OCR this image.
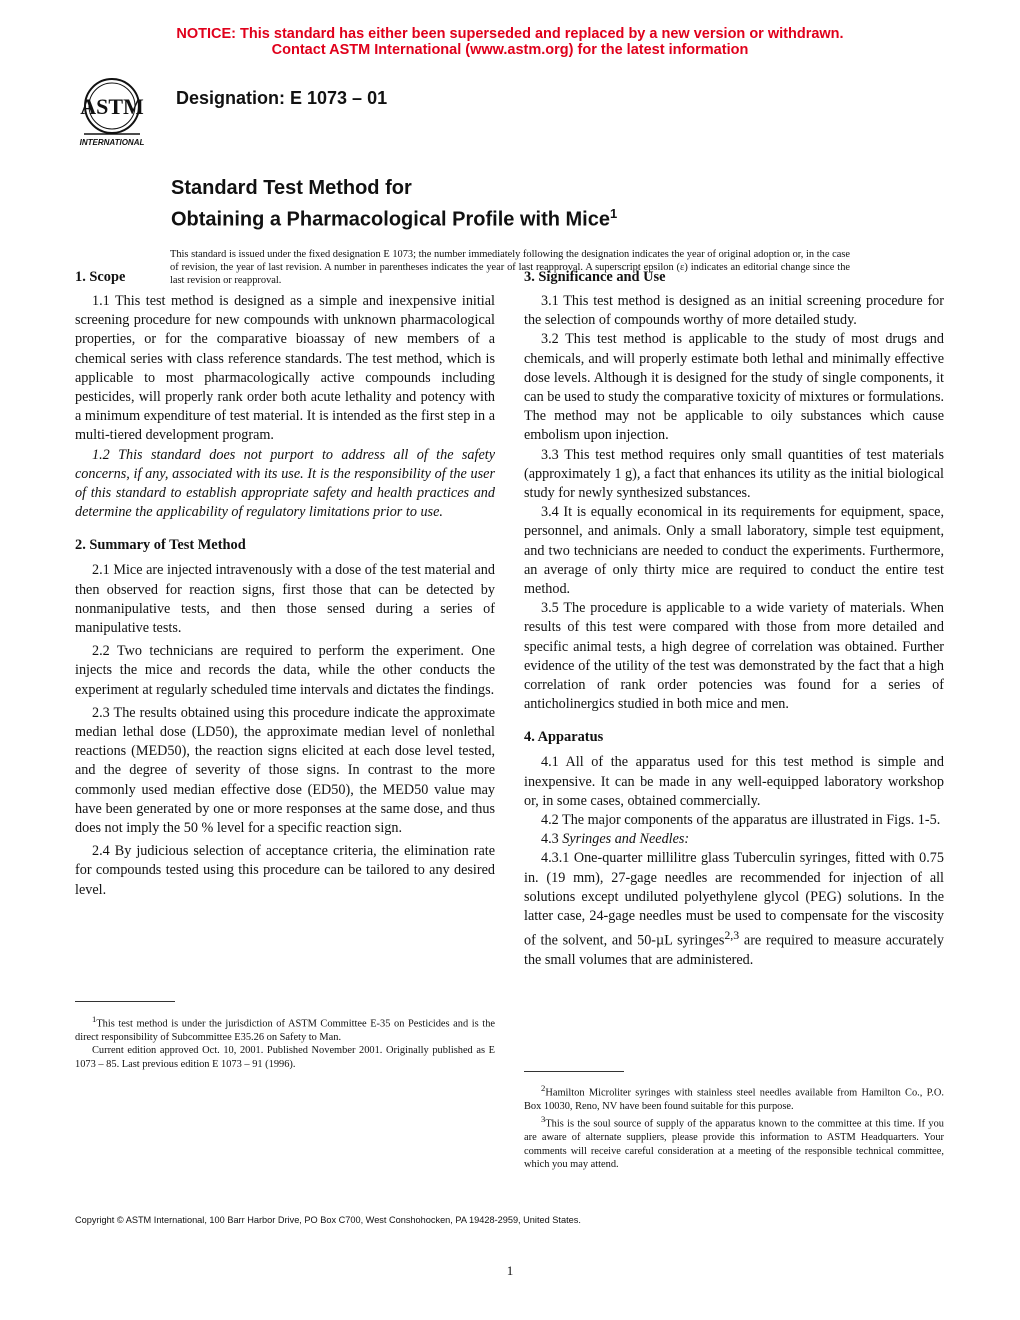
NOTICE: This standard has either been superseded and replaced by a new version or withdrawn.
Contact ASTM International (www.astm.org) for the latest information
ASTM
INTERNATIONAL
Designation: E 1073 – 01
Standard Test Method for
Obtaining a Pharmacological Profile with Mice$^1$
This standard is issued under the fixed designation E 1073; the number immediately following the designation indicates the year of original adoption or, in the case of revision, the year of last revision. A number in parentheses indicates the year of last reapproval. A superscript epsilon (ε) indicates an editorial change since the last revision or reapproval.
1. Scope

1.1 This test method is designed as a simple and inexpensive initial screening procedure for new compounds with unknown pharmacological properties, or for the comparative bioassay of new members of a chemical series with class reference standards. The test method, which is applicable to most pharmacologically active compounds including pesticides, will properly rank order both acute lethality and potency with a minimum expenditure of test material. It is intended as the first step in a multi-tiered development program.

1.2 This standard does not purport to address all of the safety concerns, if any, associated with its use. It is the responsibility of the user of this standard to establish appropriate safety and health practices and determine the applicability of regulatory limitations prior to use.

2. Summary of Test Method

2.1 Mice are injected intravenously with a dose of the test material and then observed for reaction signs, first those that can be detected by nonmanipulative tests, and then those sensed during a series of manipulative tests.

2.2 Two technicians are required to perform the experiment. One injects the mice and records the data, while the other conducts the experiment at regularly scheduled time intervals and dictates the findings.

2.3 The results obtained using this procedure indicate the approximate median lethal dose (LD50), the approximate median level of nonlethal reactions (MED50), the reaction signs elicited at each dose level tested, and the degree of severity of those signs. In contrast to the more commonly used median effective dose (ED50), the MED50 value may have been generated by one or more responses at the same dose, and thus does not imply the 50 % level for a specific reaction sign.

2.4 By judicious selection of acceptance criteria, the elimination rate for compounds tested using this procedure can be tailored to any desired level.

3. Significance and Use

3.1 This test method is designed as an initial screening procedure for the selection of compounds worthy of more detailed study.

3.2 This test method is applicable to the study of most drugs and chemicals, and will properly estimate both lethal and minimally effective dose levels. Although it is designed for the study of single components, it can be used to study the comparative toxicity of mixtures or formulations. The method may not be applicable to oily substances which cause embolism upon injection.

3.3 This test method requires only small quantities of test materials (approximately 1 g), a fact that enhances its utility as the initial biological study for newly synthesized substances.

3.4 It is equally economical in its requirements for equipment, space, personnel, and animals. Only a small laboratory, simple test equipment, and two technicians are needed to conduct the experiments. Furthermore, an average of only thirty mice are required to conduct the entire test method.

3.5 The procedure is applicable to a wide variety of materials. When results of this test were compared with those from more detailed and specific animal tests, a high degree of correlation was obtained. Further evidence of the utility of the test was demonstrated by the fact that a high correlation of rank order potencies was found for a series of anticholinergics studied in both mice and men.

4. Apparatus

4.1 All of the apparatus used for this test method is simple and inexpensive. It can be made in any well-equipped laboratory workshop or, in some cases, obtained commercially.

4.2 The major components of the apparatus are illustrated in Figs. 1-5.

4.3 Syringes and Needles:

4.3.1 One-quarter millilitre glass Tuberculin syringes, fitted with 0.75 in. (19 mm), 27-gage needles are recommended for injection of all solutions except undiluted polyethylene glycol (PEG) solutions. In the latter case, 24-gage needles must be used to compensate for the viscosity of the solvent, and 50-µL syringes$^{2,3}$ are required to measure accurately the small volumes that are administered.

$^1$This test method is under the jurisdiction of ASTM Committee E-35 on Pesticides and is the direct responsibility of Subcommittee E35.26 on Safety to Man.

Current edition approved Oct. 10, 2001. Published November 2001. Originally published as E 1073 – 85. Last previous edition E 1073 – 91 (1996).

$^2$Hamilton Microliter syringes with stainless steel needles available from Hamilton Co., P.O. Box 10030, Reno, NV have been found suitable for this purpose.

$^3$This is the soul source of supply of the apparatus known to the committee at this time. If you are aware of alternate suppliers, please provide this information to ASTM Headquarters. Your comments will receive careful consideration at a meeting of the responsible technical committee, which you may attend.

Copyright © ASTM International, 100 Barr Harbor Drive, PO Box C700, West Conshohocken, PA 19428-2959, United States.
1
